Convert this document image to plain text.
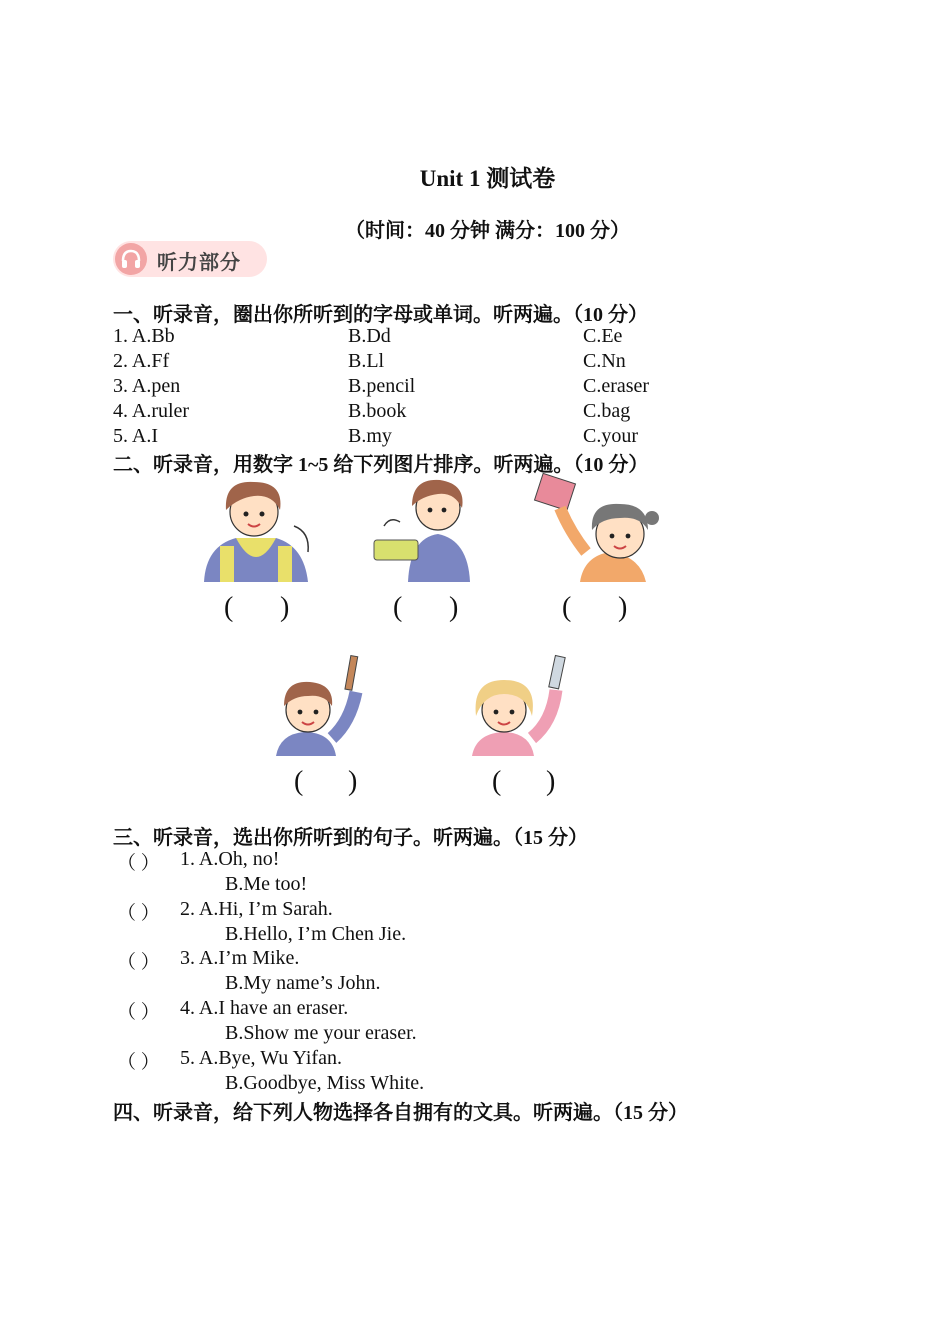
Unit 1 测试卷
（时间：40 分钟 满分：100 分）
听力部分
一、听录音，圈出你所听到的字母或单词。听两遍。（10 分）
1. A.Bb	B.Dd	C.Ee
2. A.Ff	B.Ll	C.Nn
3. A.pen	B.pencil	C.eraser
4. A.ruler	B.book	C.bag
5. A.I	B.my	C.your
二、听录音，用数字 1~5 给下列图片排序。听两遍。（10 分）
( )	( )	( )
( )	( )
三、听录音，选出你所听到的句子。听两遍。（15 分）
（ ） 1. A.Oh, no!
B.Me too!
（ ） 2. A.Hi, I’m Sarah.
B.Hello, I’m Chen Jie.
（ ） 3. A.I’m Mike.
B.My name’s John.
（ ） 4. A.I have an eraser.
B.Show me your eraser.
（ ） 5. A.Bye, Wu Yifan.
B.Goodbye, Miss White.
四、听录音，给下列人物选择各自拥有的文具。听两遍。（15 分）
